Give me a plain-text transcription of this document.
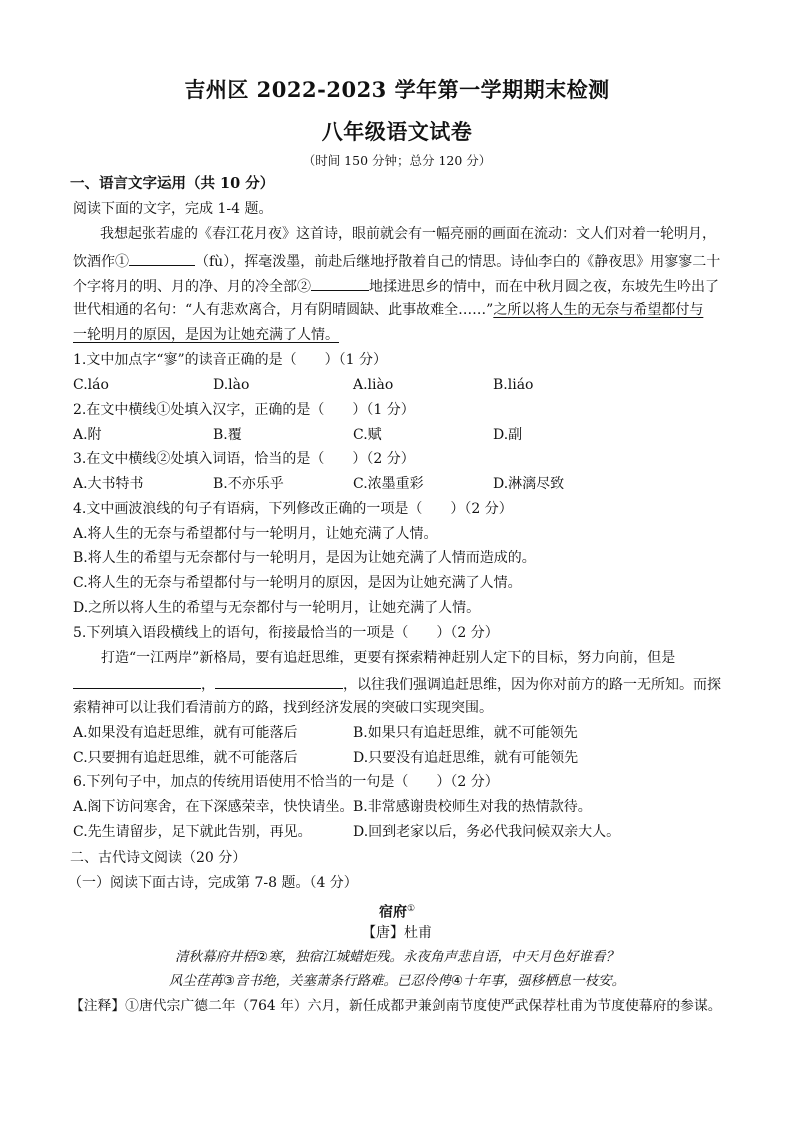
吉州区 2022-2023 学年第一学期期末检测
八年级语文试卷
（时间 150 分钟；总分 120 分）
一、语言文字运用（共 10 分）
阅读下面的文字，完成 1-4 题。
我想起张若虚的《春江花月夜》这首诗，眼前就会有一幅亮丽的画面在流动：文人们对着一轮明月，
饮酒作①	（fù），挥毫泼墨，前赴后继地抒散着自己的情思。诗仙李白的《静夜思》用寥寥二十
个字将月的明、月的净、月的冷全部②	地揉进思乡的情中，而在中秋月圆之夜，东坡先生吟出了
世代相通的名句：“人有悲欢离合，月有阴晴圆缺、此事故难全……”之所以将人生的无奈与希望都付与
一轮明月的原因，是因为让她充满了人情。
1.文中加点字“寥”的读音正确的是（　　）（1 分）
C.láo	D.lào	A.liào	B.liáo
2.在文中横线①处填入汉字，正确的是（　　）（1 分）
A.附	B.覆	C.赋	D.副
3.在文中横线②处填入词语，恰当的是（　　）（2 分）
A.大书特书	B.不亦乐乎	C.浓墨重彩	D.淋漓尽致
4.文中画波浪线的句子有语病，下列修改正确的一项是（　　）（2 分）
A.将人生的无奈与希望都付与一轮明月，让她充满了人情。
B.将人生的希望与无奈都付与一轮明月，是因为让她充满了人情而造成的。
C.将人生的无奈与希望都付与一轮明月的原因，是因为让她充满了人情。
D.之所以将人生的希望与无奈都付与一轮明月，让她充满了人情。
5.下列填入语段横线上的语句，衔接最恰当的一项是（　　）（2 分）
打造“一江两岸”新格局，要有追赶思维，更要有探索精神赶别人定下的目标，努力向前，但是
，	，以往我们强调追赶思维，因为你对前方的路一无所知。而探
索精神可以让我们看清前方的路，找到经济发展的突破口实现突围。
A.如果没有追赶思维，就有可能落后	B.如果只有追赶思维，就不可能领先
C.只要拥有追赶思维，就不可能落后	D.只要没有追赶思维，就有可能领先
6.下列句子中，加点的传统用语使用不恰当的一句是（　　）（2 分）
A.阁下访问寒舍，在下深感荣幸，快快请坐。 B.非常感谢贵校师生对我的热情款待。
C.先生请留步，足下就此告别，再见。	D.回到老家以后，务必代我问候双亲大人。
二、古代诗文阅读（20 分）
（一）阅读下面古诗，完成第 7-8 题。（4 分）
宿府①
【唐】杜甫
清秋幕府井梧②寒，独宿江城蜡炬残。永夜角声悲自语，中天月色好谁看？
风尘荏苒③音书绝，关塞萧条行路难。已忍伶俜④十年事，强移栖息一枝安。
【注释】①唐代宗广德二年（764 年）六月，新任成都尹兼剑南节度使严武保荐杜甫为节度使幕府的参谋。
